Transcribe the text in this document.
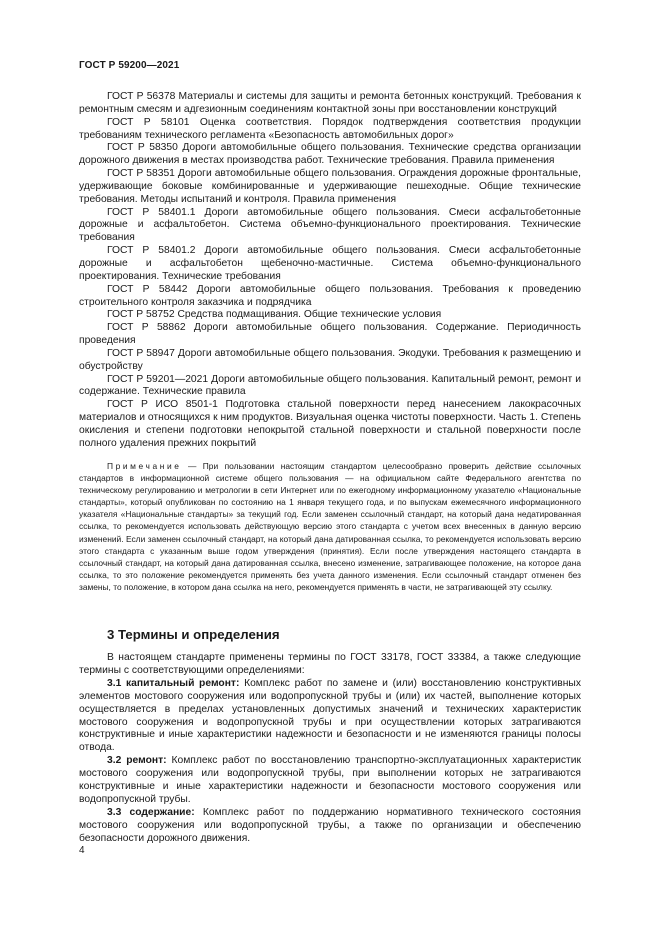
ГОСТ Р 59200—2021

ГОСТ Р 56378 Материалы и системы для защиты и ремонта бетонных конструкций. Требования к ремонтным смесям и адгезионным соединениям контактной зоны при восстановлении конструкций

ГОСТ Р 58101 Оценка соответствия. Порядок подтверждения соответствия продукции требованиям технического регламента «Безопасность автомобильных дорог»

ГОСТ Р 58350 Дороги автомобильные общего пользования. Технические средства организации дорожного движения в местах производства работ. Технические требования. Правила применения

ГОСТ Р 58351 Дороги автомобильные общего пользования. Ограждения дорожные фронтальные, удерживающие боковые комбинированные и удерживающие пешеходные. Общие технические требования. Методы испытаний и контроля. Правила применения

ГОСТ Р 58401.1 Дороги автомобильные общего пользования. Смеси асфальтобетонные дорожные и асфальтобетон. Система объемно-функционального проектирования. Технические требования

ГОСТ Р 58401.2 Дороги автомобильные общего пользования. Смеси асфальтобетонные дорожные и асфальтобетон щебеночно-мастичные. Система объемно-функционального проектирования. Технические требования

ГОСТ Р 58442 Дороги автомобильные общего пользования. Требования к проведению строительного контроля заказчика и подрядчика

ГОСТ Р 58752 Средства подмащивания. Общие технические условия

ГОСТ Р 58862 Дороги автомобильные общего пользования. Содержание. Периодичность проведения

ГОСТ Р 58947 Дороги автомобильные общего пользования. Экодуки. Требования к размещению и обустройству

ГОСТ Р 59201—2021 Дороги автомобильные общего пользования. Капитальный ремонт, ремонт и содержание. Технические правила

ГОСТ Р ИСО 8501-1 Подготовка стальной поверхности перед нанесением лакокрасочных материалов и относящихся к ним продуктов. Визуальная оценка чистоты поверхности. Часть 1. Степень окисления и степени подготовки непокрытой стальной поверхности и стальной поверхности после полного удаления прежних покрытий

Примечание — При пользовании настоящим стандартом целесообразно проверить действие ссылочных стандартов в информационной системе общего пользования — на официальном сайте Федерального агентства по техническому регулированию и метрологии в сети Интернет или по ежегодному информационному указателю «Национальные стандарты», который опубликован по состоянию на 1 января текущего года, и по выпускам ежемесячного информационного указателя «Национальные стандарты» за текущий год. Если заменен ссылочный стандарт, на который дана недатированная ссылка, то рекомендуется использовать действующую версию этого стандарта с учетом всех внесенных в данную версию изменений. Если заменен ссылочный стандарт, на который дана датированная ссылка, то рекомендуется использовать версию этого стандарта с указанным выше годом утверждения (принятия). Если после утверждения настоящего стандарта в ссылочный стандарт, на который дана датированная ссылка, внесено изменение, затрагивающее положение, на которое дана ссылка, то это положение рекомендуется применять без учета данного изменения. Если ссылочный стандарт отменен без замены, то положение, в котором дана ссылка на него, рекомендуется применять в части, не затрагивающей эту ссылку.

3 Термины и определения

В настоящем стандарте применены термины по ГОСТ 33178, ГОСТ 33384, а также следующие термины с соответствующими определениями:

3.1 капитальный ремонт: Комплекс работ по замене и (или) восстановлению конструктивных элементов мостового сооружения или водопропускной трубы и (или) их частей, выполнение которых осуществляется в пределах установленных допустимых значений и технических характеристик мостового сооружения и водопропускной трубы и при осуществлении которых затрагиваются конструктивные и иные характеристики надежности и безопасности и не изменяются границы полосы отвода.

3.2 ремонт: Комплекс работ по восстановлению транспортно-эксплуатационных характеристик мостового сооружения или водопропускной трубы, при выполнении которых не затрагиваются конструктивные и иные характеристики надежности и безопасности мостового сооружения или водопропускной трубы.

3.3 содержание: Комплекс работ по поддержанию нормативного технического состояния мостового сооружения или водопропускной трубы, а также по организации и обеспечению безопасности дорожного движения.

4
